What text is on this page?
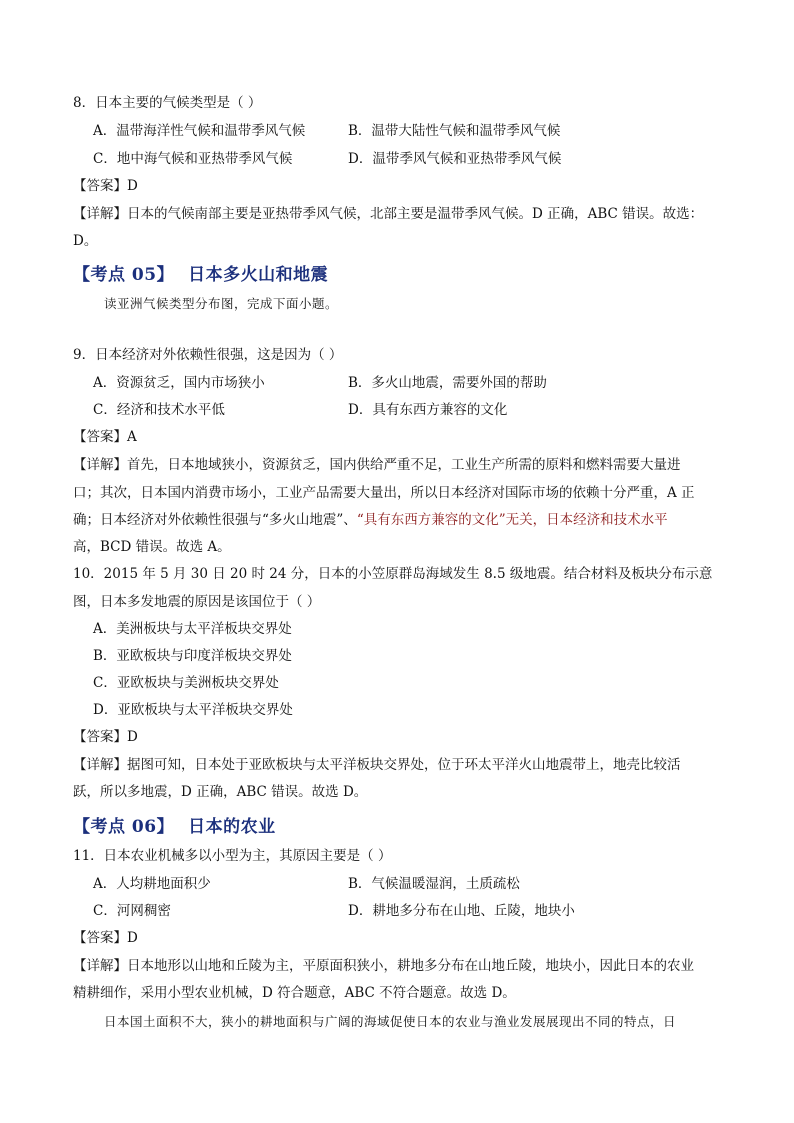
8．日本主要的气候类型是（ ）
A．温带海洋性气候和温带季风气候	B．温带大陆性气候和温带季风气候
C．地中海气候和亚热带季风气候	D．温带季风气候和亚热带季风气候
【答案】D
【详解】日本的气候南部主要是亚热带季风气候，北部主要是温带季风气候。D 正确，ABC 错误。故选：
D。
【考点 05】 日本多火山和地震
读亚洲气候类型分布图，完成下面小题。
9．日本经济对外依赖性很强，这是因为（ ）
A．资源贫乏，国内市场狭小	B．多火山地震，需要外国的帮助
C．经济和技术水平低	D．具有东西方兼容的文化
【答案】A
【详解】首先，日本地域狭小，资源贫乏，国内供给严重不足，工业生产所需的原料和燃料需要大量进
口；其次，日本国内消费市场小，工业产品需要大量出，所以日本经济对国际市场的依赖十分严重，A 正
确；日本经济对外依赖性很强与“多火山地震”、“具有东西方兼容的文化”无关，日本经济和技术水平
高，BCD 错误。故选 A。
10．2015 年 5 月 30 日 20 时 24 分，日本的小笠原群岛海域发生 8.5 级地震。结合材料及板块分布示意
图，日本多发地震的原因是该国位于（ ）
A．美洲板块与太平洋板块交界处
B．亚欧板块与印度洋板块交界处
C．亚欧板块与美洲板块交界处
D．亚欧板块与太平洋板块交界处
【答案】D
【详解】据图可知，日本处于亚欧板块与太平洋板块交界处，位于环太平洋火山地震带上，地壳比较活
跃，所以多地震，D 正确，ABC 错误。故选 D。
【考点 06】 日本的农业
11．日本农业机械多以小型为主，其原因主要是（ ）
A．人均耕地面积少	B．气候温暖湿润，土质疏松
C．河网稠密	D．耕地多分布在山地、丘陵，地块小
【答案】D
【详解】日本地形以山地和丘陵为主，平原面积狭小，耕地多分布在山地丘陵，地块小，因此日本的农业
精耕细作，采用小型农业机械，D 符合题意，ABC 不符合题意。故选 D。
日本国土面积不大，狭小的耕地面积与广阔的海域促使日本的农业与渔业发展展现出不同的特点，日
